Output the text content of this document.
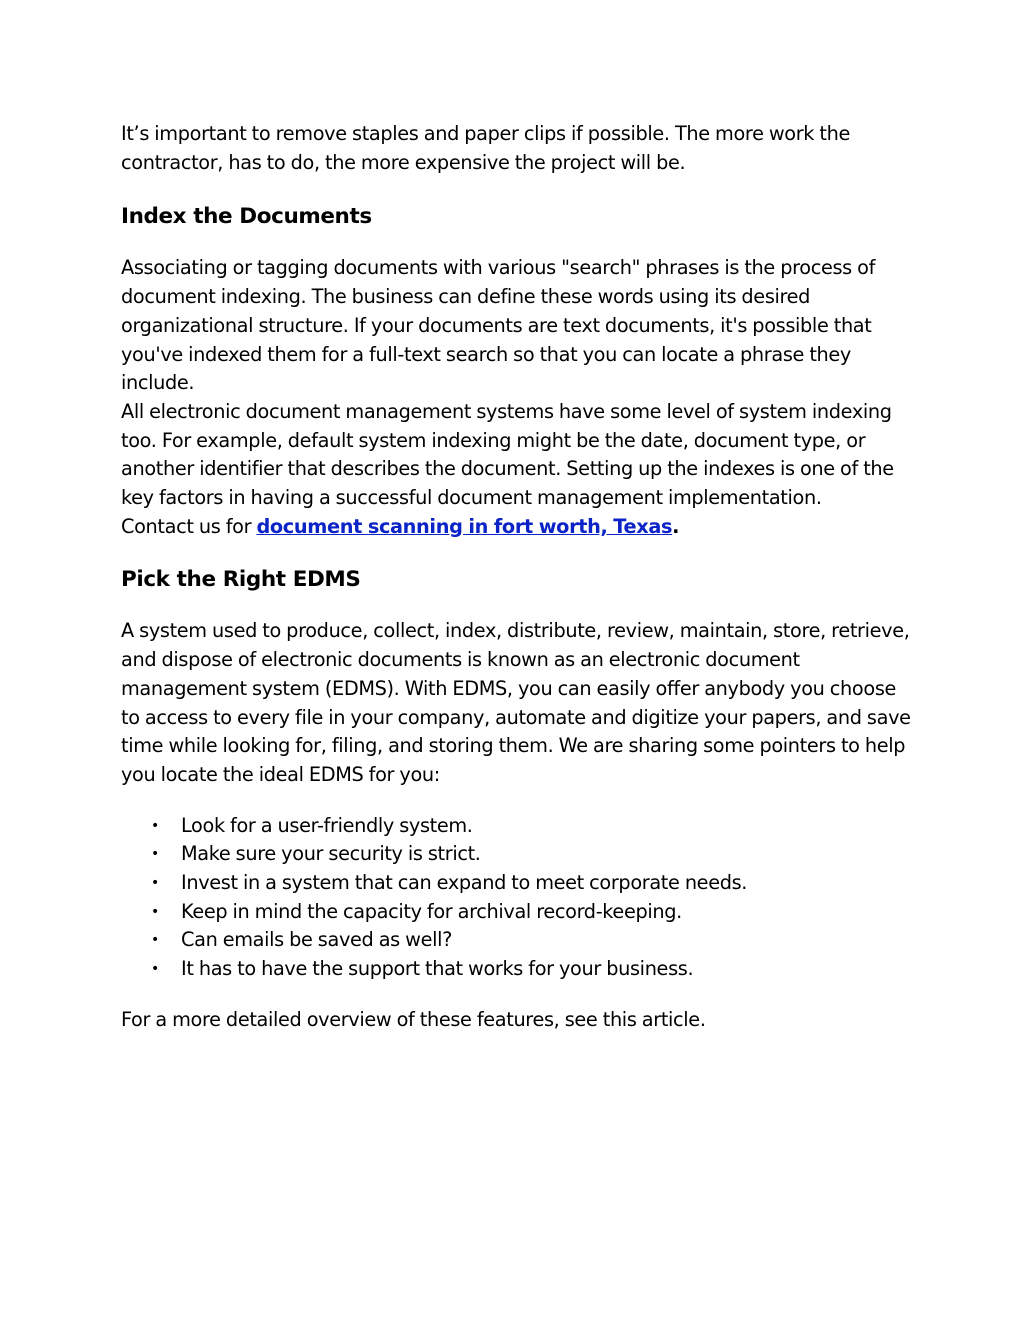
It’s important to remove staples and paper clips if possible. The more work the contractor, has to do, the more expensive the project will be.

Index the Documents

Associating or tagging documents with various "search" phrases is the process of document indexing. The business can define these words using its desired organizational structure. If your documents are text documents, it's possible that you've indexed them for a full-text search so that you can locate a phrase they include.

All electronic document management systems have some level of system indexing too. For example, default system indexing might be the date, document type, or another identifier that describes the document. Setting up the indexes is one of the key factors in having a successful document management implementation.

Contact us for document scanning in fort worth, Texas.

Pick the Right EDMS

A system used to produce, collect, index, distribute, review, maintain, store, retrieve, and dispose of electronic documents is known as an electronic document management system (EDMS). With EDMS, you can easily offer anybody you choose to access to every file in your company, automate and digitize your papers, and save time while looking for, filing, and storing them. We are sharing some pointers to help you locate the ideal EDMS for you:

• Look for a user-friendly system.
• Make sure your security is strict.
• Invest in a system that can expand to meet corporate needs.
• Keep in mind the capacity for archival record-keeping.
• Can emails be saved as well?
• It has to have the support that works for your business.

For a more detailed overview of these features, see this article.
